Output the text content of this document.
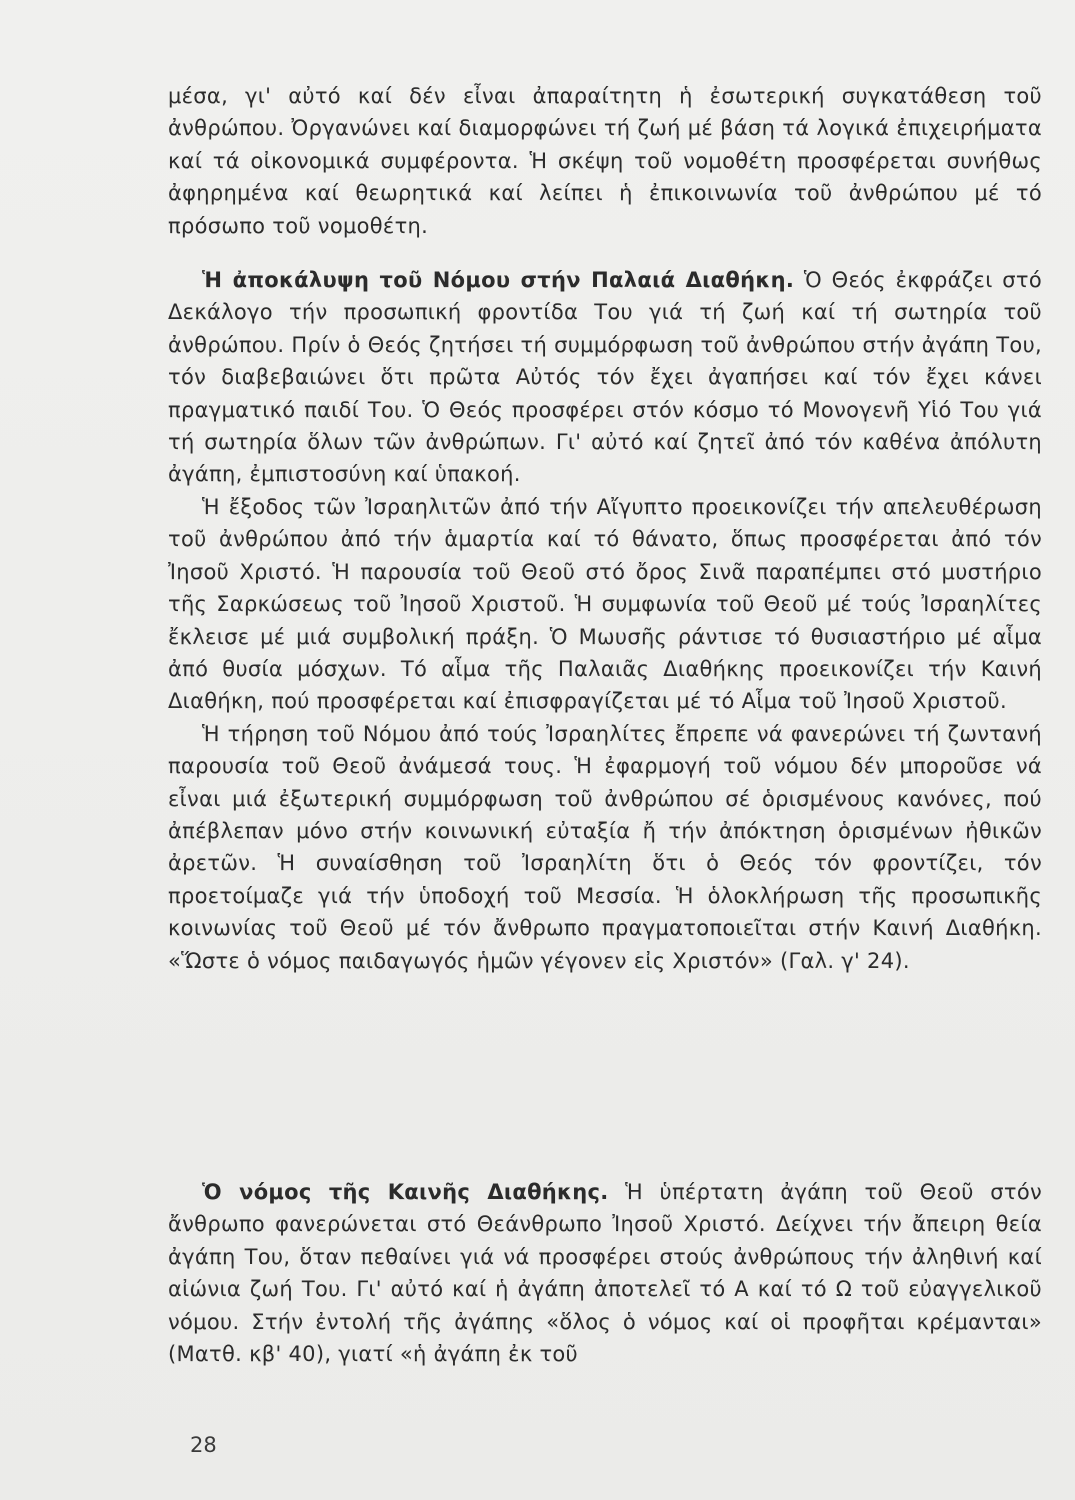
μέσα, γι' αὐτό καί δέν εἶναι ἀπαραίτητη ἡ ἐσωτερική συγκατάθεση τοῦ ἀνθρώπου. Ὀργανώνει καί διαμορφώνει τή ζωή μέ βάση τά λογικά ἐπιχειρήματα καί τά οἰκονομικά συμφέροντα. Ἡ σκέψη τοῦ νομοθέτη προσφέρεται συνήθως ἀφηρημένα καί θεωρητικά καί λείπει ἡ ἐπικοινωνία τοῦ ἀνθρώπου μέ τό πρόσωπο τοῦ νομοθέτη.

Ἡ ἀποκάλυψη τοῦ Νόμου στήν Παλαιά Διαθήκη. Ὁ Θεός ἐκφράζει στό Δεκάλογο τήν προσωπική φροντίδα Του γιά τή ζωή καί τή σωτηρία τοῦ ἀνθρώπου. Πρίν ὁ Θεός ζητήσει τή συμμόρφωση τοῦ ἀνθρώπου στήν ἀγάπη Του, τόν διαβεβαιώνει ὅτι πρῶτα Αὐτός τόν ἔχει ἀγαπήσει καί τόν ἔχει κάνει πραγματικό παιδί Του. Ὁ Θεός προσφέρει στόν κόσμο τό Μονογενῆ Υἱό Του γιά τή σωτηρία ὅλων τῶν ἀνθρώπων. Γι' αὐτό καί ζητεῖ ἀπό τόν καθένα ἀπόλυτη ἀγάπη, ἐμπιστοσύνη καί ὑπακοή.

Ἡ ἔξοδος τῶν Ἰσραηλιτῶν ἀπό τήν Αἴγυπτο προεικονίζει τήν απελευθέρωση τοῦ ἀνθρώπου ἀπό τήν ἁμαρτία καί τό θάνατο, ὅπως προσφέρεται ἀπό τόν Ἰησοῦ Χριστό. Ἡ παρουσία τοῦ Θεοῦ στό ὄρος Σινᾶ παραπέμπει στό μυστήριο τῆς Σαρκώσεως τοῦ Ἰησοῦ Χριστοῦ. Ἡ συμφωνία τοῦ Θεοῦ μέ τούς Ἰσραηλίτες ἔκλεισε μέ μιά συμβολική πράξη. Ὁ Μωυσῆς ράντισε τό θυσιαστήριο μέ αἷμα ἀπό θυσία μόσχων. Τό αἷμα τῆς Παλαιᾶς Διαθήκης προεικονίζει τήν Καινή Διαθήκη, πού προσφέρεται καί ἐπισφραγίζεται μέ τό Αἷμα τοῦ Ἰησοῦ Χριστοῦ.

Ἡ τήρηση τοῦ Νόμου ἀπό τούς Ἰσραηλίτες ἔπρεπε νά φανερώνει τή ζωντανή παρουσία τοῦ Θεοῦ ἀνάμεσά τους. Ἡ ἐφαρμογή τοῦ νόμου δέν μποροῦσε νά εἶναι μιά ἐξωτερική συμμόρφωση τοῦ ἀνθρώπου σέ ὁρισμένους κανόνες, πού ἀπέβλεπαν μόνο στήν κοινωνική εὐταξία ἤ τήν ἀπόκτηση ὁρισμένων ἠθικῶν ἀρετῶν. Ἡ συναίσθηση τοῦ Ἰσραηλίτη ὅτι ὁ Θεός τόν φροντίζει, τόν προετοίμαζε γιά τήν ὑποδοχή τοῦ Μεσσία. Ἡ ὁλοκλήρωση τῆς προσωπικῆς κοινωνίας τοῦ Θεοῦ μέ τόν ἄνθρωπο πραγματοποιεῖται στήν Καινή Διαθήκη. «Ὥστε ὁ νόμος παιδαγωγός ἡμῶν γέγονεν εἰς Χριστόν» (Γαλ. γ' 24).

Ὁ νόμος τῆς Καινῆς Διαθήκης. Ἡ ὑπέρτατη ἀγάπη τοῦ Θεοῦ στόν ἄνθρωπο φανερώνεται στό Θεάνθρωπο Ἰησοῦ Χριστό. Δείχνει τήν ἄπειρη θεία ἀγάπη Του, ὅταν πεθαίνει γιά νά προσφέρει στούς ἀνθρώπους τήν ἀληθινή καί αἰώνια ζωή Του. Γι' αὐτό καί ἡ ἀγάπη ἀποτελεῖ τό Α καί τό Ω τοῦ εὐαγγελικοῦ νόμου. Στήν ἐντολή τῆς ἀγάπης «ὅλος ὁ νόμος καί οἱ προφῆται κρέμανται» (Ματθ. κβ' 40), γιατί «ἡ ἀγάπη ἐκ τοῦ

28
